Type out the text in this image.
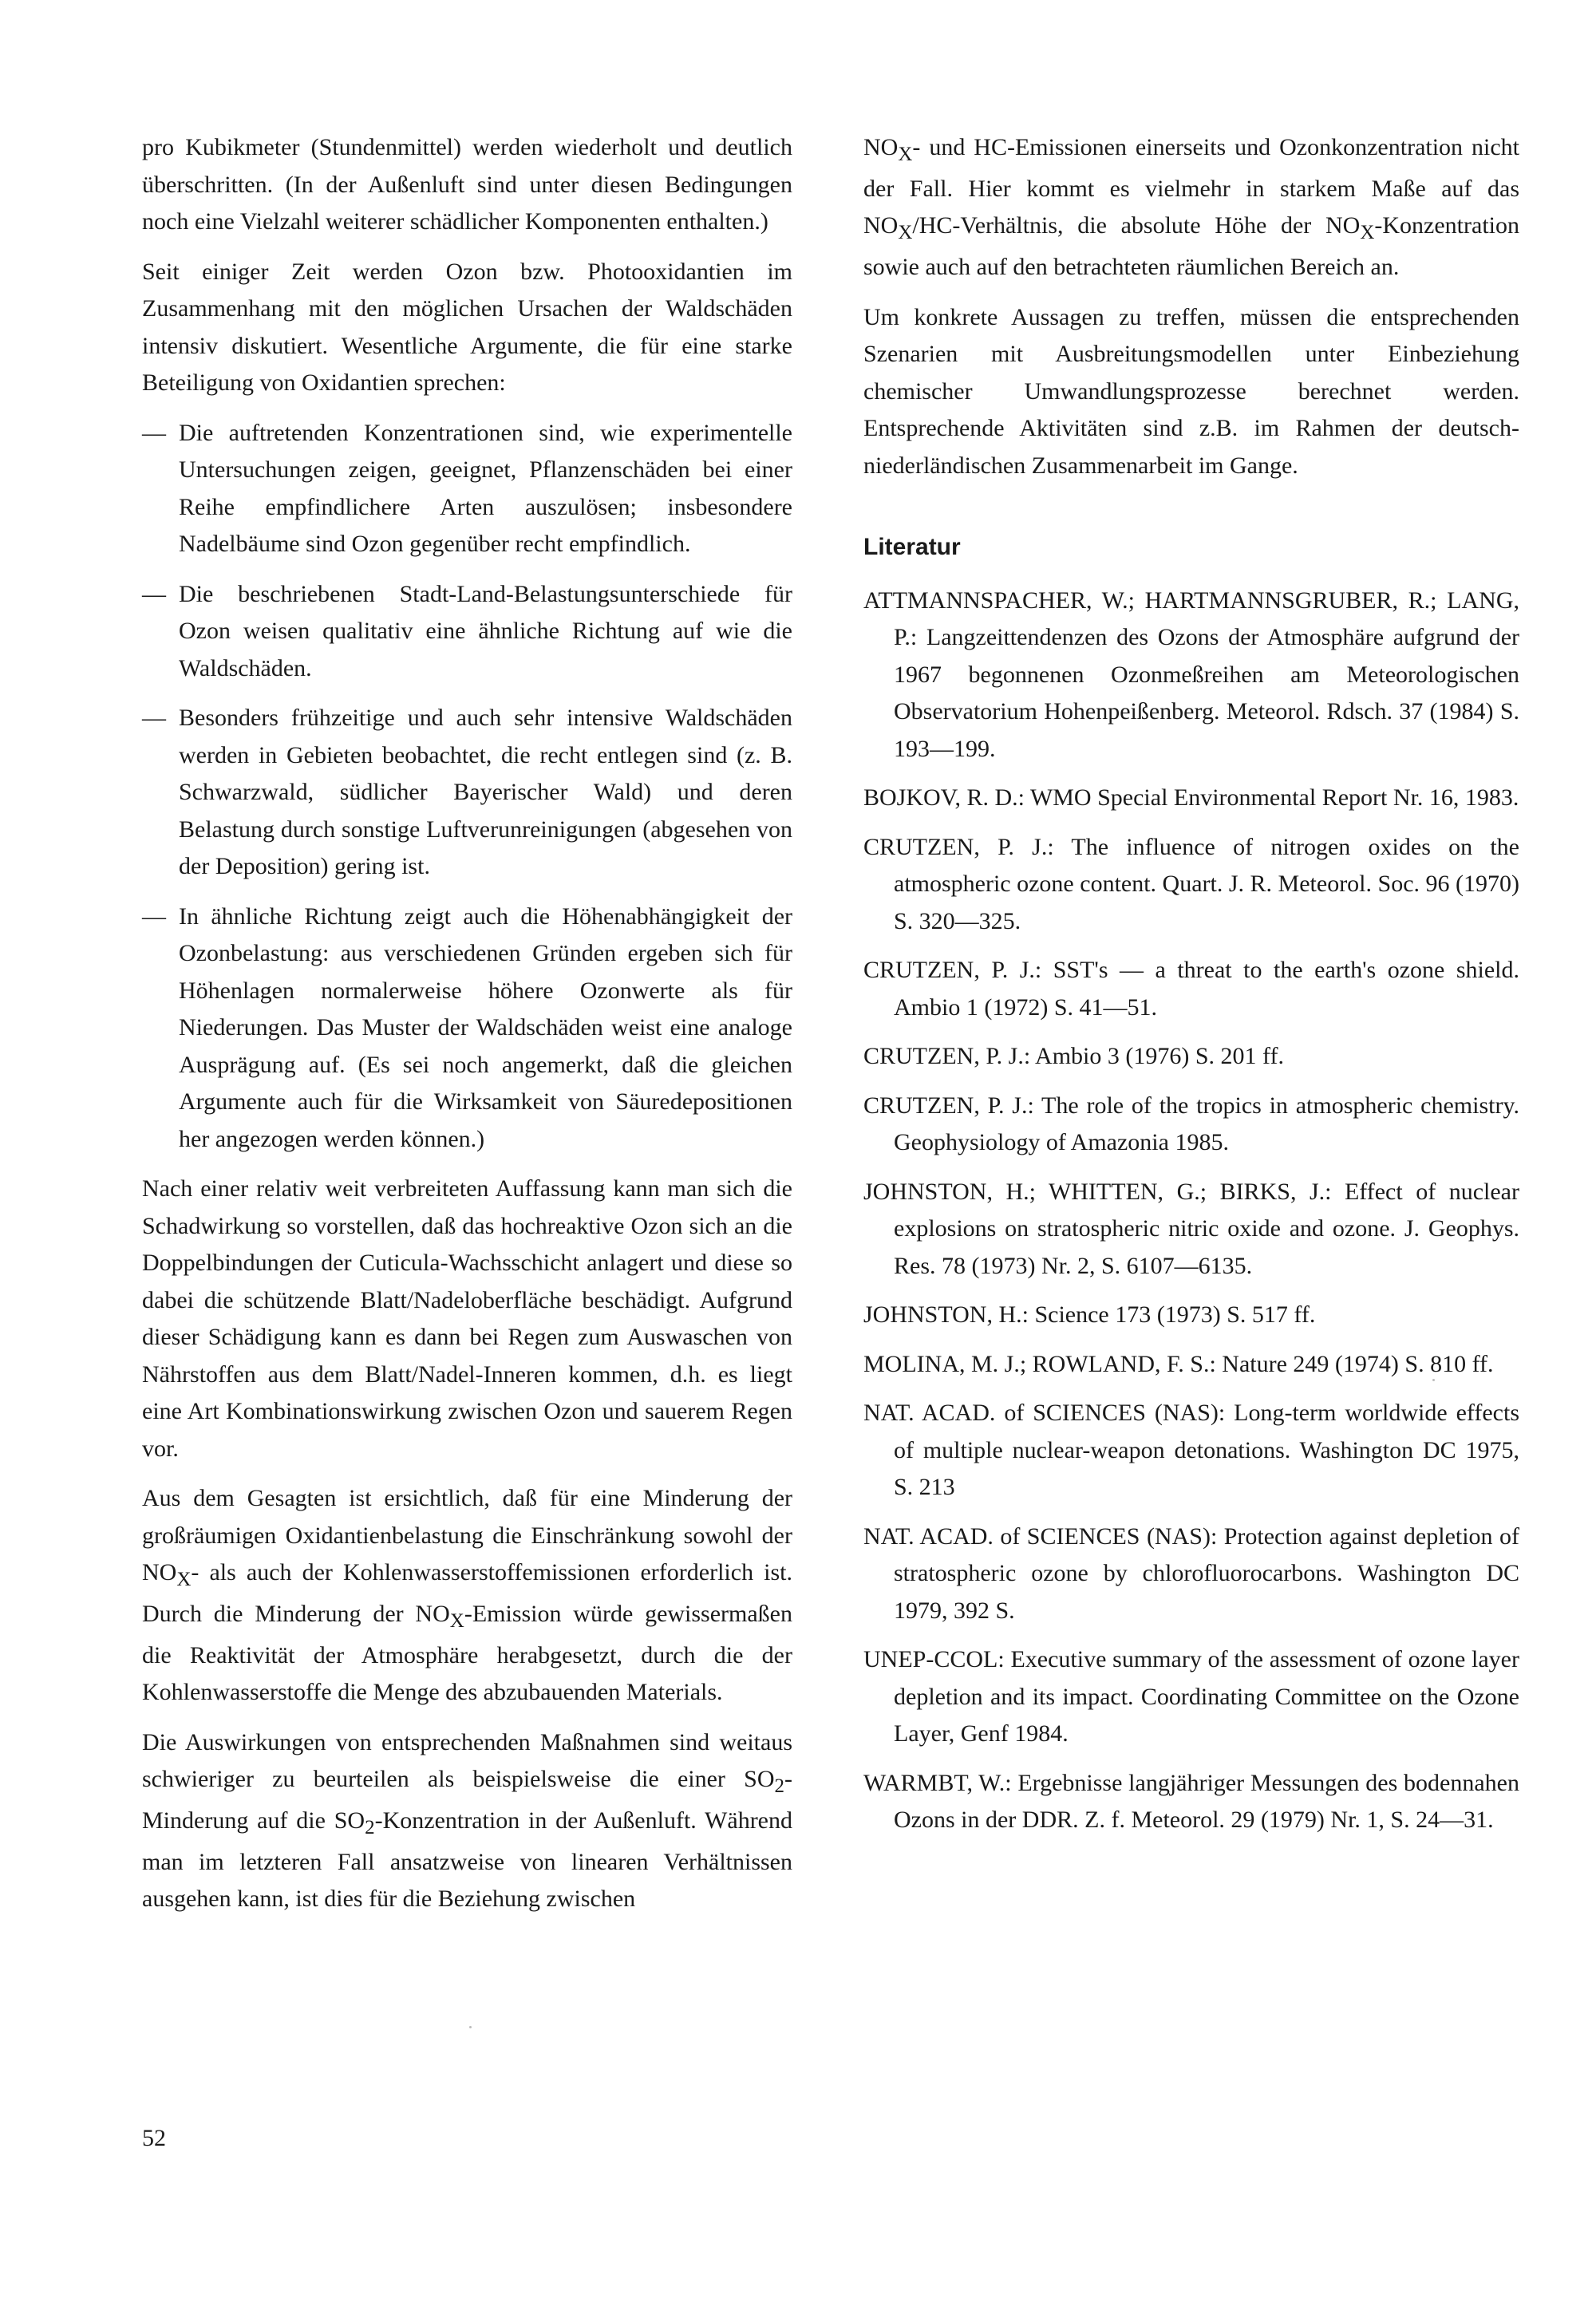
pro Kubikmeter (Stundenmittel) werden wiederholt und deutlich überschritten. (In der Außenluft sind unter diesen Bedingungen noch eine Vielzahl weiterer schädlicher Komponenten enthalten.)

Seit einiger Zeit werden Ozon bzw. Photooxidantien im Zusammenhang mit den möglichen Ursachen der Waldschäden intensiv diskutiert. Wesentliche Argumente, die für eine starke Beteiligung von Oxidantien sprechen:

— Die auftretenden Konzentrationen sind, wie experimentelle Untersuchungen zeigen, geeignet, Pflanzenschäden bei einer Reihe empfindlichere Arten auszulösen; insbesondere Nadelbäume sind Ozon gegenüber recht empfindlich.
— Die beschriebenen Stadt-Land-Belastungsunterschiede für Ozon weisen qualitativ eine ähnliche Richtung auf wie die Waldschäden.
— Besonders frühzeitige und auch sehr intensive Waldschäden werden in Gebieten beobachtet, die recht entlegen sind (z. B. Schwarzwald, südlicher Bayerischer Wald) und deren Belastung durch sonstige Luftverunreinigungen (abgesehen von der Deposition) gering ist.
— In ähnliche Richtung zeigt auch die Höhenabhängigkeit der Ozonbelastung: aus verschiedenen Gründen ergeben sich für Höhenlagen normalerweise höhere Ozonwerte als für Niederungen. Das Muster der Waldschäden weist eine analoge Ausprägung auf. (Es sei noch angemerkt, daß die gleichen Argumente auch für die Wirksamkeit von Säuredepositionen her angezogen werden können.)

Nach einer relativ weit verbreiteten Auffassung kann man sich die Schadwirkung so vorstellen, daß das hochreaktive Ozon sich an die Doppelbindungen der Cuticula-Wachsschicht anlagert und diese so dabei die schützende Blatt/Nadeloberfläche beschädigt. Aufgrund dieser Schädigung kann es dann bei Regen zum Auswaschen von Nährstoffen aus dem Blatt/Nadel-Inneren kommen, d.h. es liegt eine Art Kombinationswirkung zwischen Ozon und sauerem Regen vor.

Aus dem Gesagten ist ersichtlich, daß für eine Minderung der großräumigen Oxidantienbelastung die Einschränkung sowohl der $NO_X-$ als auch der Kohlenwasserstoffemissionen erforderlich ist. Durch die Minderung der $NO_X$-Emission würde gewissermaßen die Reaktivität der Atmosphäre herabgesetzt, durch die der Kohlenwasserstoffe die Menge des abzubauenden Materials.

Die Auswirkungen von entsprechenden Maßnahmen sind weitaus schwieriger zu beurteilen als beispielsweise die einer $SO_2$-Minderung auf die $SO_2$-Konzentration in der Außenluft. Während man im letzteren Fall ansatzweise von linearen Verhältnissen ausgehen kann, ist dies für die Beziehung zwischen

$NO_X-$ und HC-Emissionen einerseits und Ozonkonzentration nicht der Fall. Hier kommt es vielmehr in starkem Maße auf das $NO_X/HC$-Verhältnis, die absolute Höhe der $NO_X$-Konzentration sowie auch auf den betrachteten räumlichen Bereich an.

Um konkrete Aussagen zu treffen, müssen die entsprechenden Szenarien mit Ausbreitungsmodellen unter Einbeziehung chemischer Umwandlungsprozesse berechnet werden. Entsprechende Aktivitäten sind z.B. im Rahmen der deutsch-niederländischen Zusammenarbeit im Gange.

Literatur
ATTMANNSPACHER, W.; HARTMANNSGRUBER, R.; LANG, P.: Langzeittendenzen des Ozons der Atmosphäre aufgrund der 1967 begonnenen Ozonmeßreihen am Meteorologischen Observatorium Hohenpeißenberg. Meteorol. Rdsch. 37 (1984) S. 193—199.
BOJKOV, R. D.: WMO Special Environmental Report Nr. 16, 1983.
CRUTZEN, P. J.: The influence of nitrogen oxides on the atmospheric ozone content. Quart. J. R. Meteorol. Soc. 96 (1970) S. 320—325.
CRUTZEN, P. J.: SST's — a threat to the earth's ozone shield. Ambio 1 (1972) S. 41—51.
CRUTZEN, P. J.: Ambio 3 (1976) S. 201 ff.
CRUTZEN, P. J.: The role of the tropics in atmospheric chemistry. Geophysiology of Amazonia 1985.
JOHNSTON, H.; WHITTEN, G.; BIRKS, J.: Effect of nuclear explosions on stratospheric nitric oxide and ozone. J. Geophys. Res. 78 (1973) Nr. 2, S. 6107—6135.
JOHNSTON, H.: Science 173 (1973) S. 517 ff.
MOLINA, M. J.; ROWLAND, F. S.: Nature 249 (1974) S. 810 ff.
NAT. ACAD. of SCIENCES (NAS): Long-term worldwide effects of multiple nuclear-weapon detonations. Washington DC 1975, S. 213
NAT. ACAD. of SCIENCES (NAS): Protection against depletion of stratospheric ozone by chlorofluorocarbons. Washington DC 1979, 392 S.
UNEP-CCOL: Executive summary of the assessment of ozone layer depletion and its impact. Coordinating Committee on the Ozone Layer, Genf 1984.
WARMBT, W.: Ergebnisse langjähriger Messungen des bodennahen Ozons in der DDR. Z. f. Meteorol. 29 (1979) Nr. 1, S. 24—31.
52
